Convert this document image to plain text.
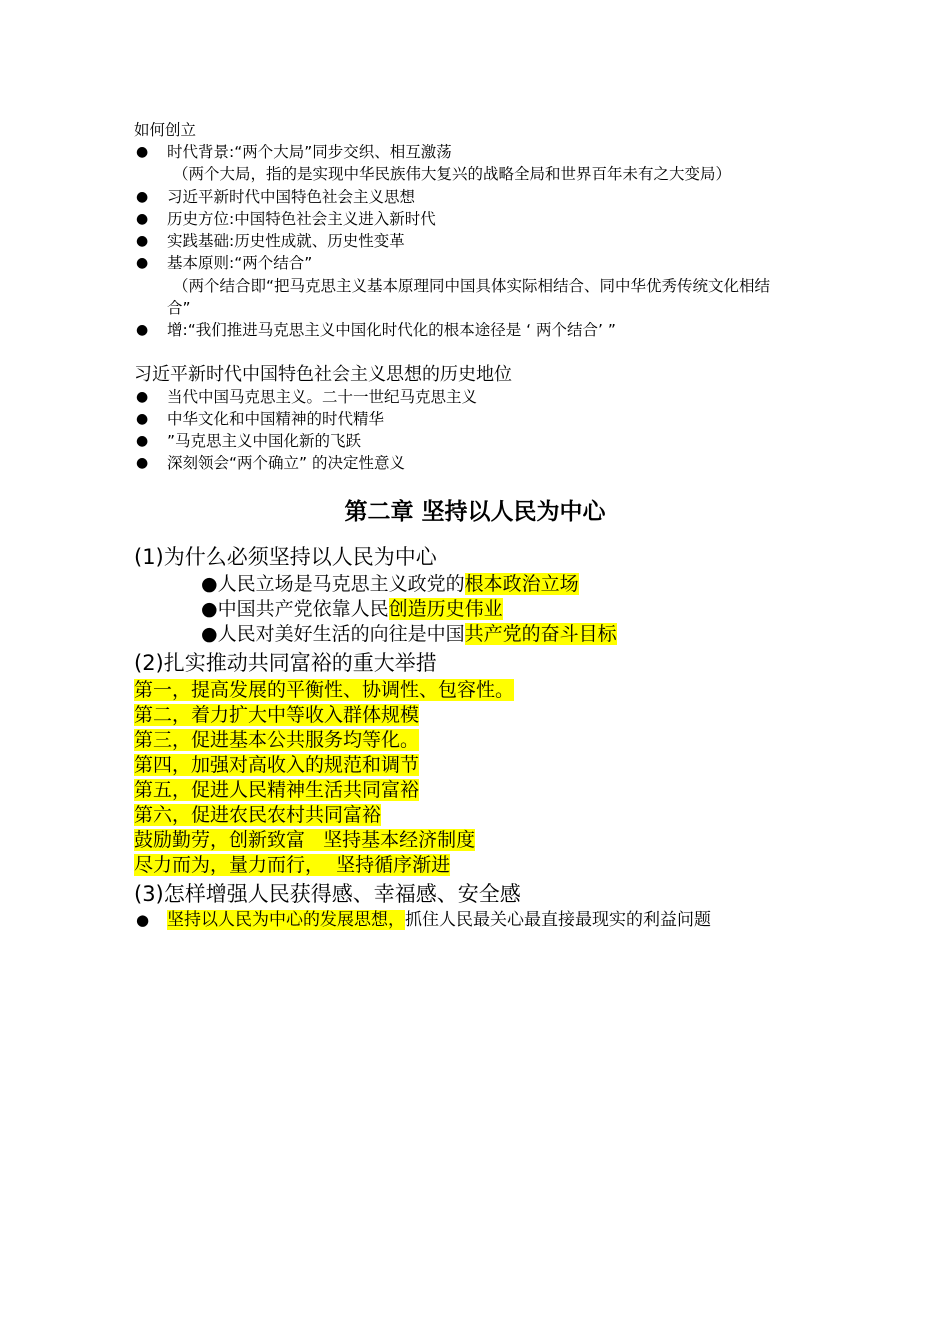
如何创立
● 时代背景:“两个大局”同步交织、相互激荡
（两个大局，指的是实现中华民族伟大复兴的战略全局和世界百年未有之大变局）
● 习近平新时代中国特色社会主义思想
● 历史方位:中国特色社会主义进入新时代
● 实践基础:历史性成就、历史性变革
● 基本原则:“两个结合”
（两个结合即“把马克思主义基本原理同中国具体实际相结合、同中华优秀传统文化相结
合”
● 增:“我们推进马克思主义中国化时代化的根本途径是 ‘ 两个结合’ ”
习近平新时代中国特色社会主义思想的历史地位
● 当代中国马克思主义。二十一世纪马克思主义
● 中华文化和中国精神的时代精华
● ”马克思主义中国化新的飞跃
● 深刻领会“两个确立” 的决定性意义
第二章 坚持以人民为中心
(1)为什么必须坚持以人民为中心
●人民立场是马克思主义政党的根本政治立场
●中国共产党依靠人民创造历史伟业
●人民对美好生活的向往是中国共产党的奋斗目标
(2)扎实推动共同富裕的重大举措
第一，提高发展的平衡性、协调性、包容性。
第二，着力扩大中等收入群体规模
第三，促进基本公共服务均等化。
第四，加强对高收入的规范和调节
第五，促进人民精神生活共同富裕
第六，促进农民农村共同富裕
鼓励勤劳，创新致富   坚持基本经济制度
尽力而为，量力而行，  坚持循序渐进
(3)怎样增强人民获得感、幸福感、安全感
● 坚持以人民为中心的发展思想，抓住人民最关心最直接最现实的利益问题
